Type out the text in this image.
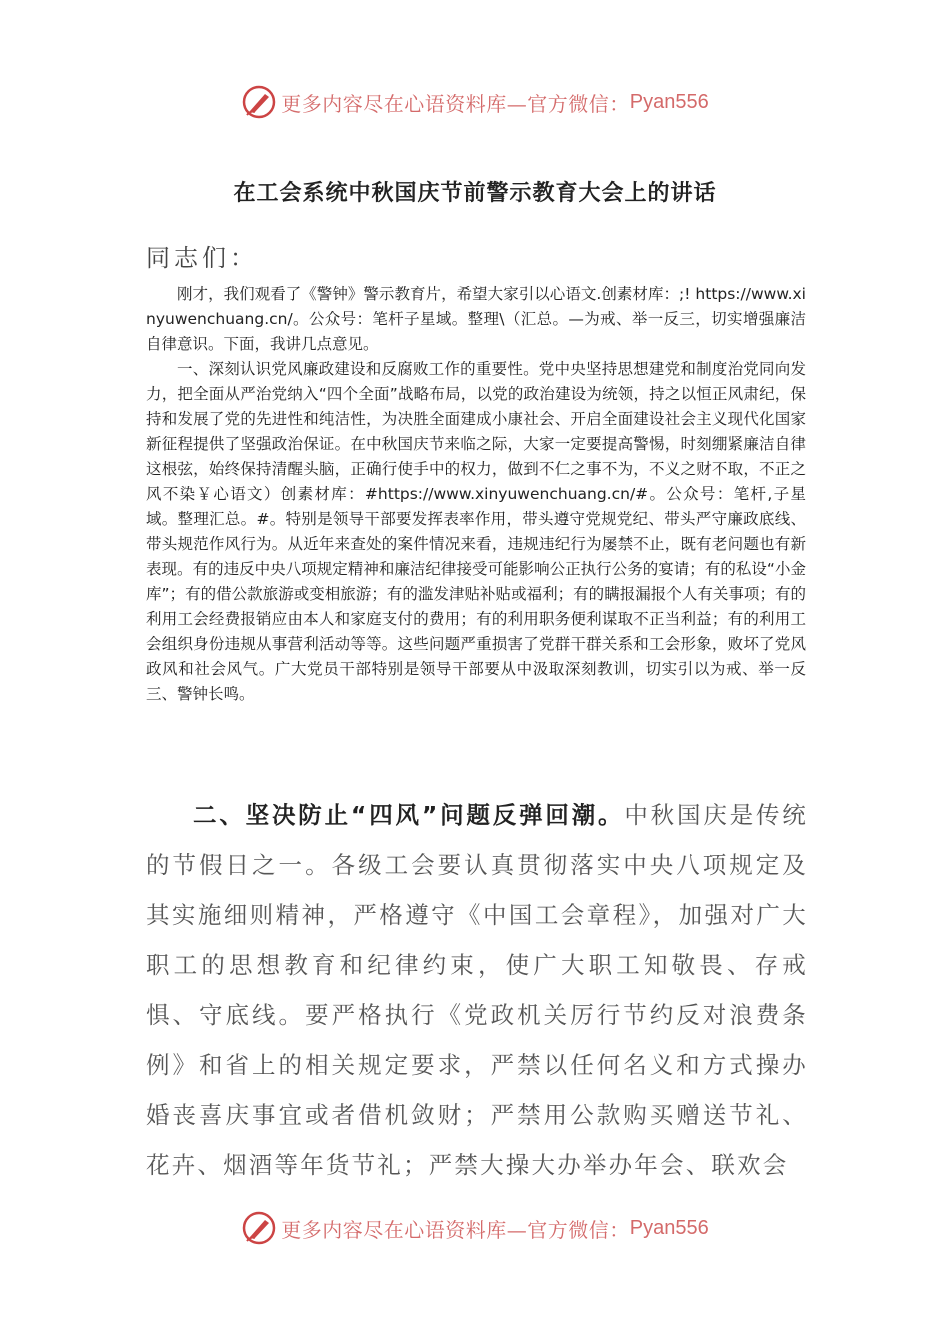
更多内容尽在心语资料库—官方微信： Pyan556
在工会系统中秋国庆节前警示教育大会上的讲话
同志们：

刚才，我们观看了《警钟》警示教育片，希望大家引以心语文.创素材库：;! https://www.xinyuwenchuang.cn/。公众号：笔杆子星域。整理\（汇总。—为戒、举一反三，切实增强廉洁自律意识。下面，我讲几点意见。

一、深刻认识党风廉政建设和反腐败工作的重要性。党中央坚持思想建党和制度治党同向发力，把全面从严治党纳入“四个全面”战略布局，以党的政治建设为统领，持之以恒正风肃纪，保持和发展了党的先进性和纯洁性，为决胜全面建成小康社会、开启全面建设社会主义现代化国家新征程提供了坚强政治保证。在中秋国庆节来临之际，大家一定要提高警惕，时刻绷紧廉洁自律这根弦，始终保持清醒头脑，正确行使手中的权力，做到不仁之事不为，不义之财不取，不正之风不染￥心语文）创素材库：#https://www.xinyuwenchuang.cn/#。公众号：笔杆,子星域。整理汇总。#。特别是领导干部要发挥表率作用，带头遵守党规党纪、带头严守廉政底线、带头规范作风行为。从近年来查处的案件情况来看，违规违纪行为屡禁不止，既有老问题也有新表现。有的违反中央八项规定精神和廉洁纪律接受可能影响公正执行公务的宴请；有的私设“小金库”；有的借公款旅游或变相旅游；有的滥发津贴补贴或福利；有的瞒报漏报个人有关事项；有的利用工会经费报销应由本人和家庭支付的费用；有的利用职务便利谋取不正当利益；有的利用工会组织身份违规从事营利活动等等。这些问题严重损害了党群干群关系和工会形象，败坏了党风政风和社会风气。广大党员干部特别是领导干部要从中汲取深刻教训，切实引以为戒、举一反三、警钟长鸣。

二、坚决防止“四风”问题反弹回潮。中秋国庆是传统的节假日之一。各级工会要认真贯彻落实中央八项规定及其实施细则精神，严格遵守《中国工会章程》，加强对广大职工的思想教育和纪律约束，使广大职工知敬畏、存戒惧、守底线。要严格执行《党政机关厉行节约反对浪费条例》和省上的相关规定要求，严禁以任何名义和方式操办婚丧喜庆事宜或者借机敛财；严禁用公款购买赠送节礼、花卉、烟酒等年货节礼；严禁大操大办举办年会、联欢会

更多内容尽在心语资料库—官方微信： Pyan556
